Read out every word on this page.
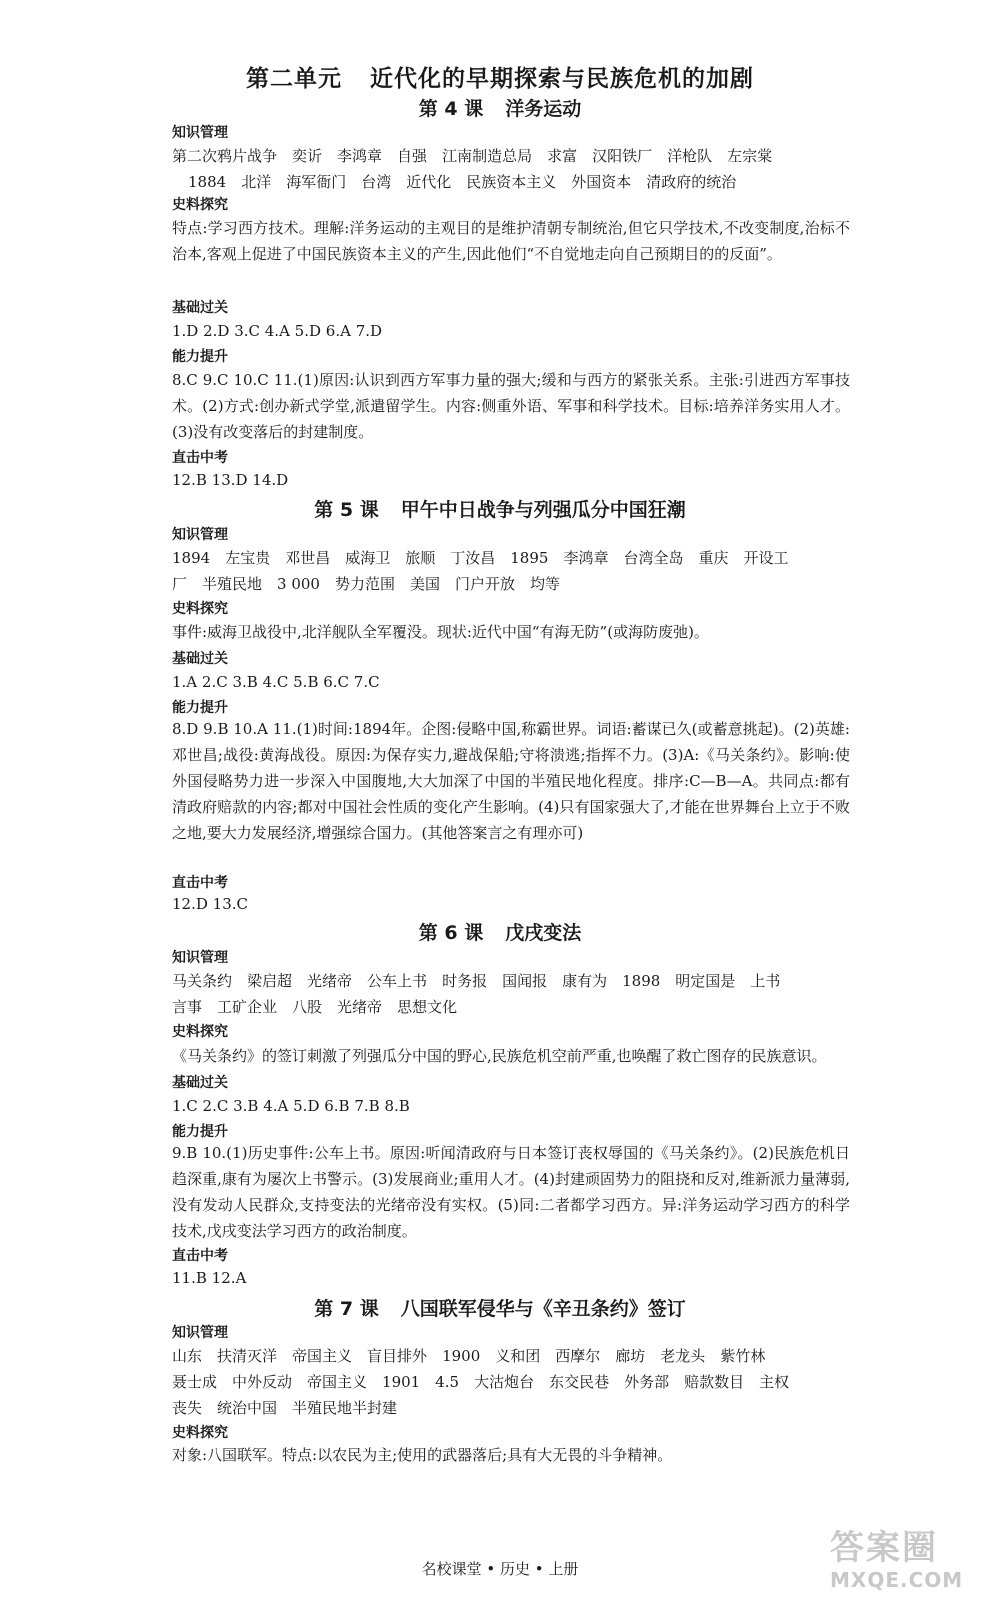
第二单元 近代化的早期探索与民族危机的加剧
第 4 课 洋务运动
知识管理
第二次鸦片战争 奕䜣 李鸿章 自强 江南制造总局 求富 汉阳铁厂 洋枪队 左宗棠
1884 北洋 海军衙门 台湾 近代化 民族资本主义 外国资本 清政府的统治
史料探究
特点:学习西方技术。理解:洋务运动的主观目的是维护清朝专制统治,但它只学技术,不改变制度,治标不治本,客观上促进了中国民族资本主义的产生,因此他们“不自觉地走向自己预期目的的反面”。
基础过关
1.D 2.D 3.C 4.A 5.D 6.A 7.D
能力提升
8.C 9.C 10.C 11.(1)原因:认识到西方军事力量的强大;缓和与西方的紧张关系。主张:引进西方军事技术。(2)方式:创办新式学堂,派遣留学生。内容:侧重外语、军事和科学技术。目标:培养洋务实用人才。(3)没有改变落后的封建制度。
直击中考
12.B 13.D 14.D
第 5 课 甲午中日战争与列强瓜分中国狂潮
知识管理
1894 左宝贵 邓世昌 威海卫 旅顺 丁汝昌 1895 李鸿章 台湾全岛 重庆 开设工
厂 半殖民地 3 000 势力范围 美国 门户开放 均等
史料探究
事件:威海卫战役中,北洋舰队全军覆没。现状:近代中国“有海无防”(或海防废弛)。
基础过关
1.A 2.C 3.B 4.C 5.B 6.C 7.C
能力提升
8.D 9.B 10.A 11.(1)时间:1894年。企图:侵略中国,称霸世界。词语:蓄谋已久(或蓄意挑起)。(2)英雄:邓世昌;战役:黄海战役。原因:为保存实力,避战保船;守将溃逃;指挥不力。(3)A:《马关条约》。影响:使外国侵略势力进一步深入中国腹地,大大加深了中国的半殖民地化程度。排序:C—B—A。共同点:都有清政府赔款的内容;都对中国社会性质的变化产生影响。(4)只有国家强大了,才能在世界舞台上立于不败之地,要大力发展经济,增强综合国力。(其他答案言之有理亦可)
直击中考
12.D 13.C
第 6 课 戊戌变法
知识管理
马关条约 梁启超 光绪帝 公车上书 时务报 国闻报 康有为 1898 明定国是 上书
言事 工矿企业 八股 光绪帝 思想文化
史料探究
《马关条约》的签订刺激了列强瓜分中国的野心,民族危机空前严重,也唤醒了救亡图存的民族意识。
基础过关
1.C 2.C 3.B 4.A 5.D 6.B 7.B 8.B
能力提升
9.B 10.(1)历史事件:公车上书。原因:听闻清政府与日本签订丧权辱国的《马关条约》。(2)民族危机日趋深重,康有为屡次上书警示。(3)发展商业;重用人才。(4)封建顽固势力的阻挠和反对,维新派力量薄弱,没有发动人民群众,支持变法的光绪帝没有实权。(5)同:二者都学习西方。异:洋务运动学习西方的科学技术,戊戌变法学习西方的政治制度。
直击中考
11.B 12.A
第 7 课 八国联军侵华与《辛丑条约》签订
知识管理
山东 扶清灭洋 帝国主义 盲目排外 1900 义和团 西摩尔 廊坊 老龙头 紫竹林
聂士成 中外反动 帝国主义 1901 4.5 大沽炮台 东交民巷 外务部 赔款数目 主权
丧失 统治中国 半殖民地半封建
史料探究
对象:八国联军。特点:以农民为主;使用的武器落后;具有大无畏的斗争精神。
名校课堂 • 历史 • 上册
答案圈
MXQE.COM
